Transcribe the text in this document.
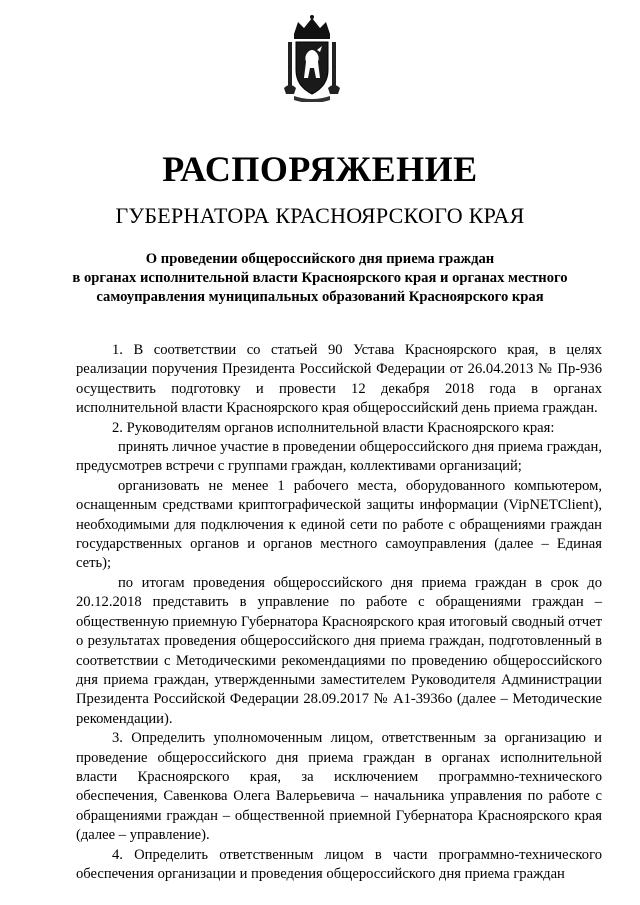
РАСПОРЯЖЕНИЕ
ГУБЕРНАТОРА КРАСНОЯРСКОГО КРАЯ
О проведении общероссийского дня приема граждан
в органах исполнительной власти Красноярского края и органах местного
самоуправления муниципальных образований Красноярского края

1. В соответствии со статьей 90 Устава Красноярского края, в целях реализации поручения Президента Российской Федерации от 26.04.2013 № Пр-936 осуществить подготовку и провести 12 декабря 2018 года в органах исполнительной власти Красноярского края общероссийский день приема граждан.

2. Руководителям органов исполнительной власти Красноярского края:

принять личное участие в проведении общероссийского дня приема граждан, предусмотрев встречи с группами граждан, коллективами организаций;

организовать не менее 1 рабочего места, оборудованного компьютером, оснащенным средствами криптографической защиты информации (VipNETClient), необходимыми для подключения к единой сети по работе с обращениями граждан государственных органов и органов местного самоуправления (далее – Единая сеть);

по итогам проведения общероссийского дня приема граждан в срок до 20.12.2018 представить в управление по работе с обращениями граждан – общественную приемную Губернатора Красноярского края итоговый сводный отчет о результатах проведения общероссийского дня приема граждан, подготовленный в соответствии с Методическими рекомендациями по проведению общероссийского дня приема граждан, утвержденными заместителем Руководителя Администрации Президента Российской Федерации 28.09.2017 № А1-3936о (далее – Методические рекомендации).

3. Определить уполномоченным лицом, ответственным за организацию и проведение общероссийского дня приема граждан в органах исполнительной власти Красноярского края, за исключением программно-технического обеспечения, Савенкова Олега Валерьевича – начальника управления по работе с обращениями граждан – общественной приемной Губернатора Красноярского края (далее – управление).

4. Определить ответственным лицом в части программно-технического обеспечения организации и проведения общероссийского дня приема граждан
